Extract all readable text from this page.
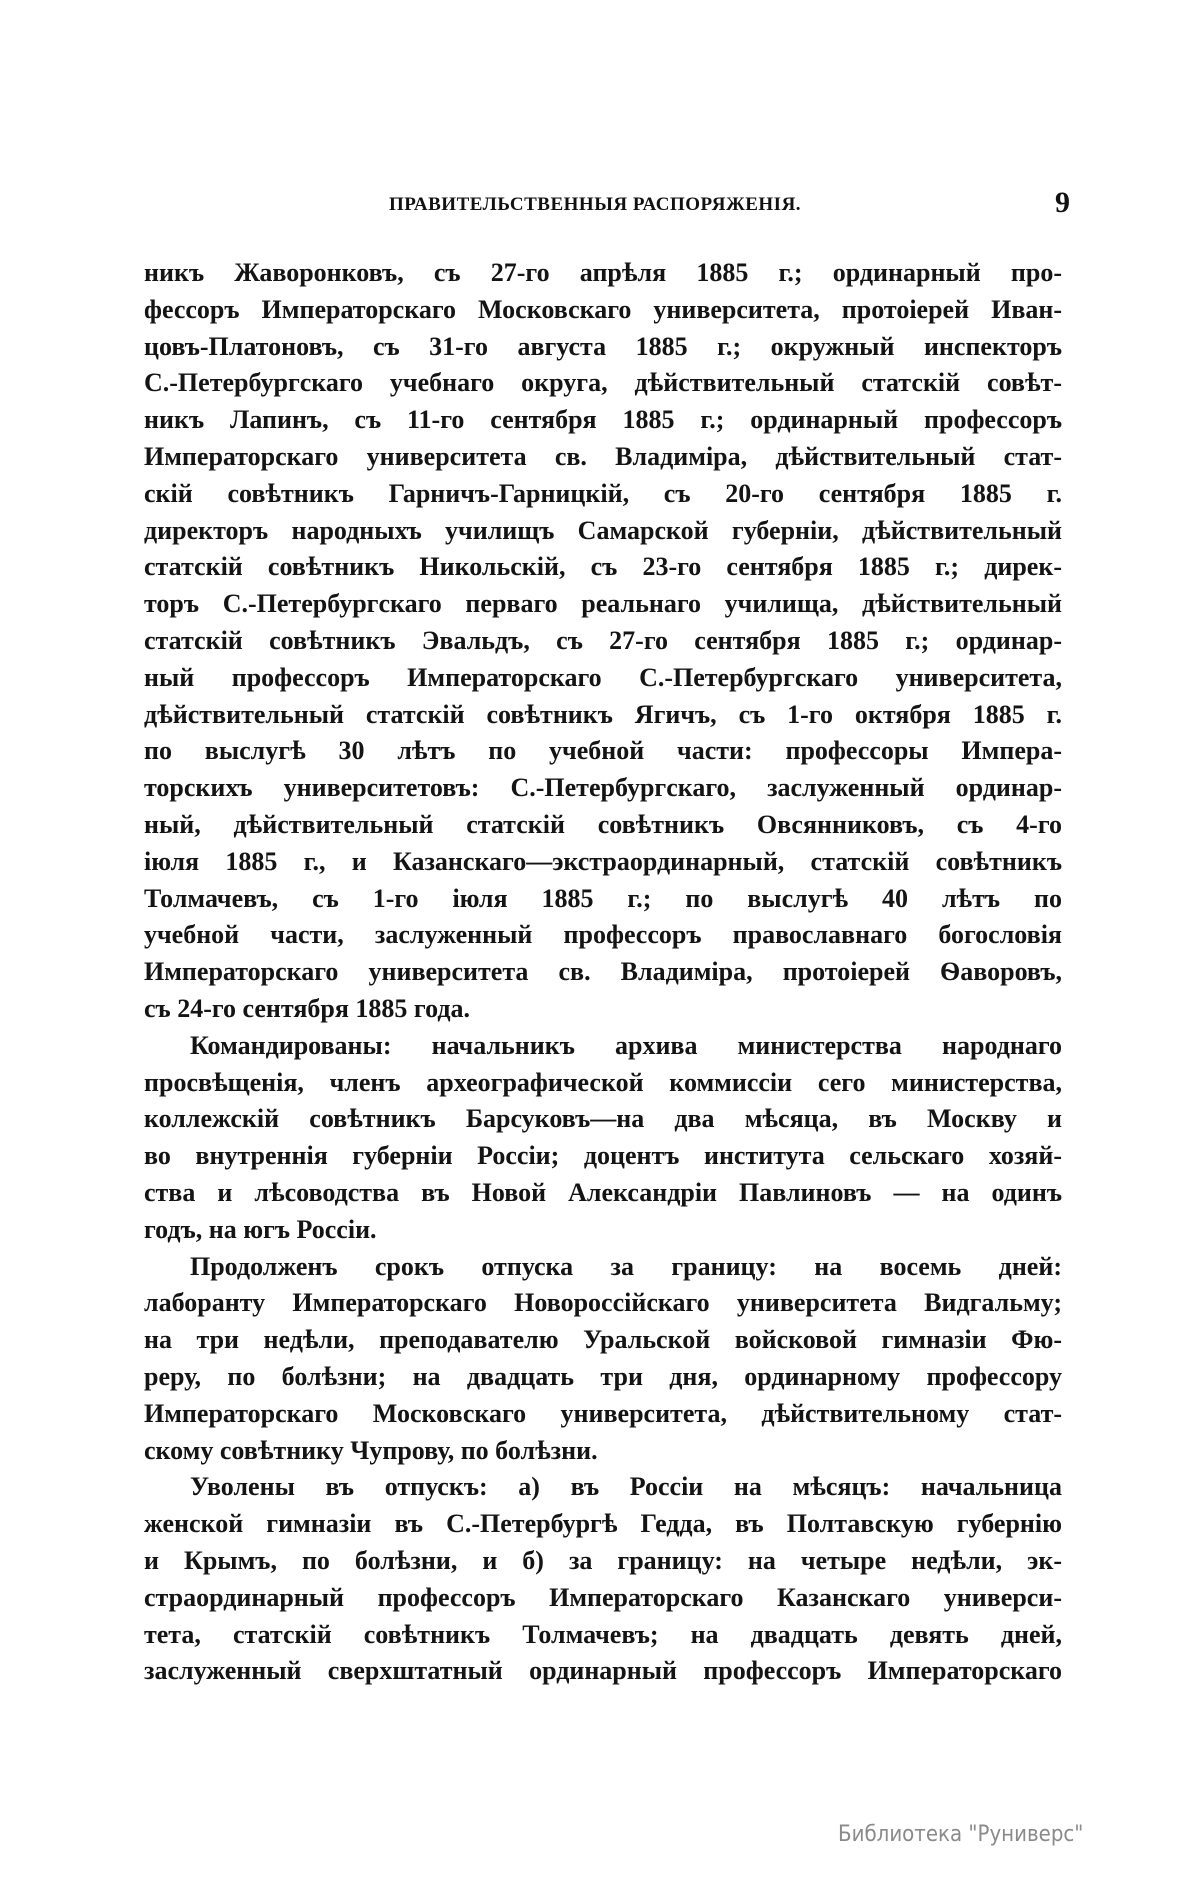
ПРАВИТЕЛЬСТВЕННЫЯ РАСПОРЯЖЕНІЯ.	9
никъ Жаворонковъ, съ 27-го апрѣля 1885 г.; ординарный про-
фессоръ Императорскаго Московскаго университета, протоіерей Иван-
цовъ-Платоновъ, съ 31-го августа 1885 г.; окружный инспекторъ
С.-Петербургскаго учебнаго округа, дѣйствительный статскій совѣт-
никъ Лапинъ, съ 11-го сентября 1885 г.; ординарный профессоръ
Императорскаго университета св. Владиміра, дѣйствительный стат-
скій совѣтникъ Гарничъ-Гарницкій, съ 20-го сентября 1885 г.
директоръ народныхъ училищъ Самарской губерніи, дѣйствительный
статскій совѣтникъ Никольскій, съ 23-го сентября 1885 г.; дирек-
торъ С.-Петербургскаго перваго реальнаго училища, дѣйствительный
статскій совѣтникъ Эвальдъ, съ 27-го сентября 1885 г.; ординар-
ный профессоръ Императорскаго С.-Петербургскаго университета,
дѣйствительный статскій совѣтникъ Ягичъ, съ 1-го октября 1885 г.
по выслугѣ 30 лѣтъ по учебной части: профессоры Импера-
торскихъ университетовъ: С.-Петербургскаго, заслуженный ординар-
ный, дѣйствительный статскій совѣтникъ Овсянниковъ, съ 4-го
іюля 1885 г., и Казанскаго—экстраординарный, статскій совѣтникъ
Толмачевъ, съ 1-го іюля 1885 г.; по выслугѣ 40 лѣтъ по
учебной части, заслуженный профессоръ православнаго богословія
Императорскаго университета св. Владиміра, протоіерей Ѳаворовъ,
съ 24-го сентября 1885 года.
Командированы: начальникъ архива министерства народнаго
просвѣщенія, членъ археографической коммиссіи сего министерства,
коллежскій совѣтникъ Барсуковъ—на два мѣсяца, въ Москву и
во внутреннія губерніи Россіи; доцентъ института сельскаго хозяй-
ства и лѣсоводства въ Новой Александріи Павлиновъ — на одинъ
годъ, на югъ Россіи.
Продолженъ срокъ отпуска за границу: на восемь дней:
лаборанту Императорскаго Новороссійскаго университета Видгальму;
на три недѣли, преподавателю Уральской войсковой гимназіи Фю-
реру, по болѣзни; на двадцать три дня, ординарному профессору
Императорскаго Московскаго университета, дѣйствительному стат-
скому совѣтнику Чупрову, по болѣзни.
Уволены въ отпускъ: а) въ Россіи на мѣсяцъ: начальница
женской гимназіи въ С.-Петербургѣ Гедда, въ Полтавскую губернію
и Крымъ, по болѣзни, и б) за границу: на четыре недѣли, эк-
страординарный профессоръ Императорскаго Казанскаго универси-
тета, статскій совѣтникъ Толмачевъ; на двадцать девять дней,
заслуженный сверхштатный ординарный профессоръ Императорскаго
Библиотека "Руниверс"
